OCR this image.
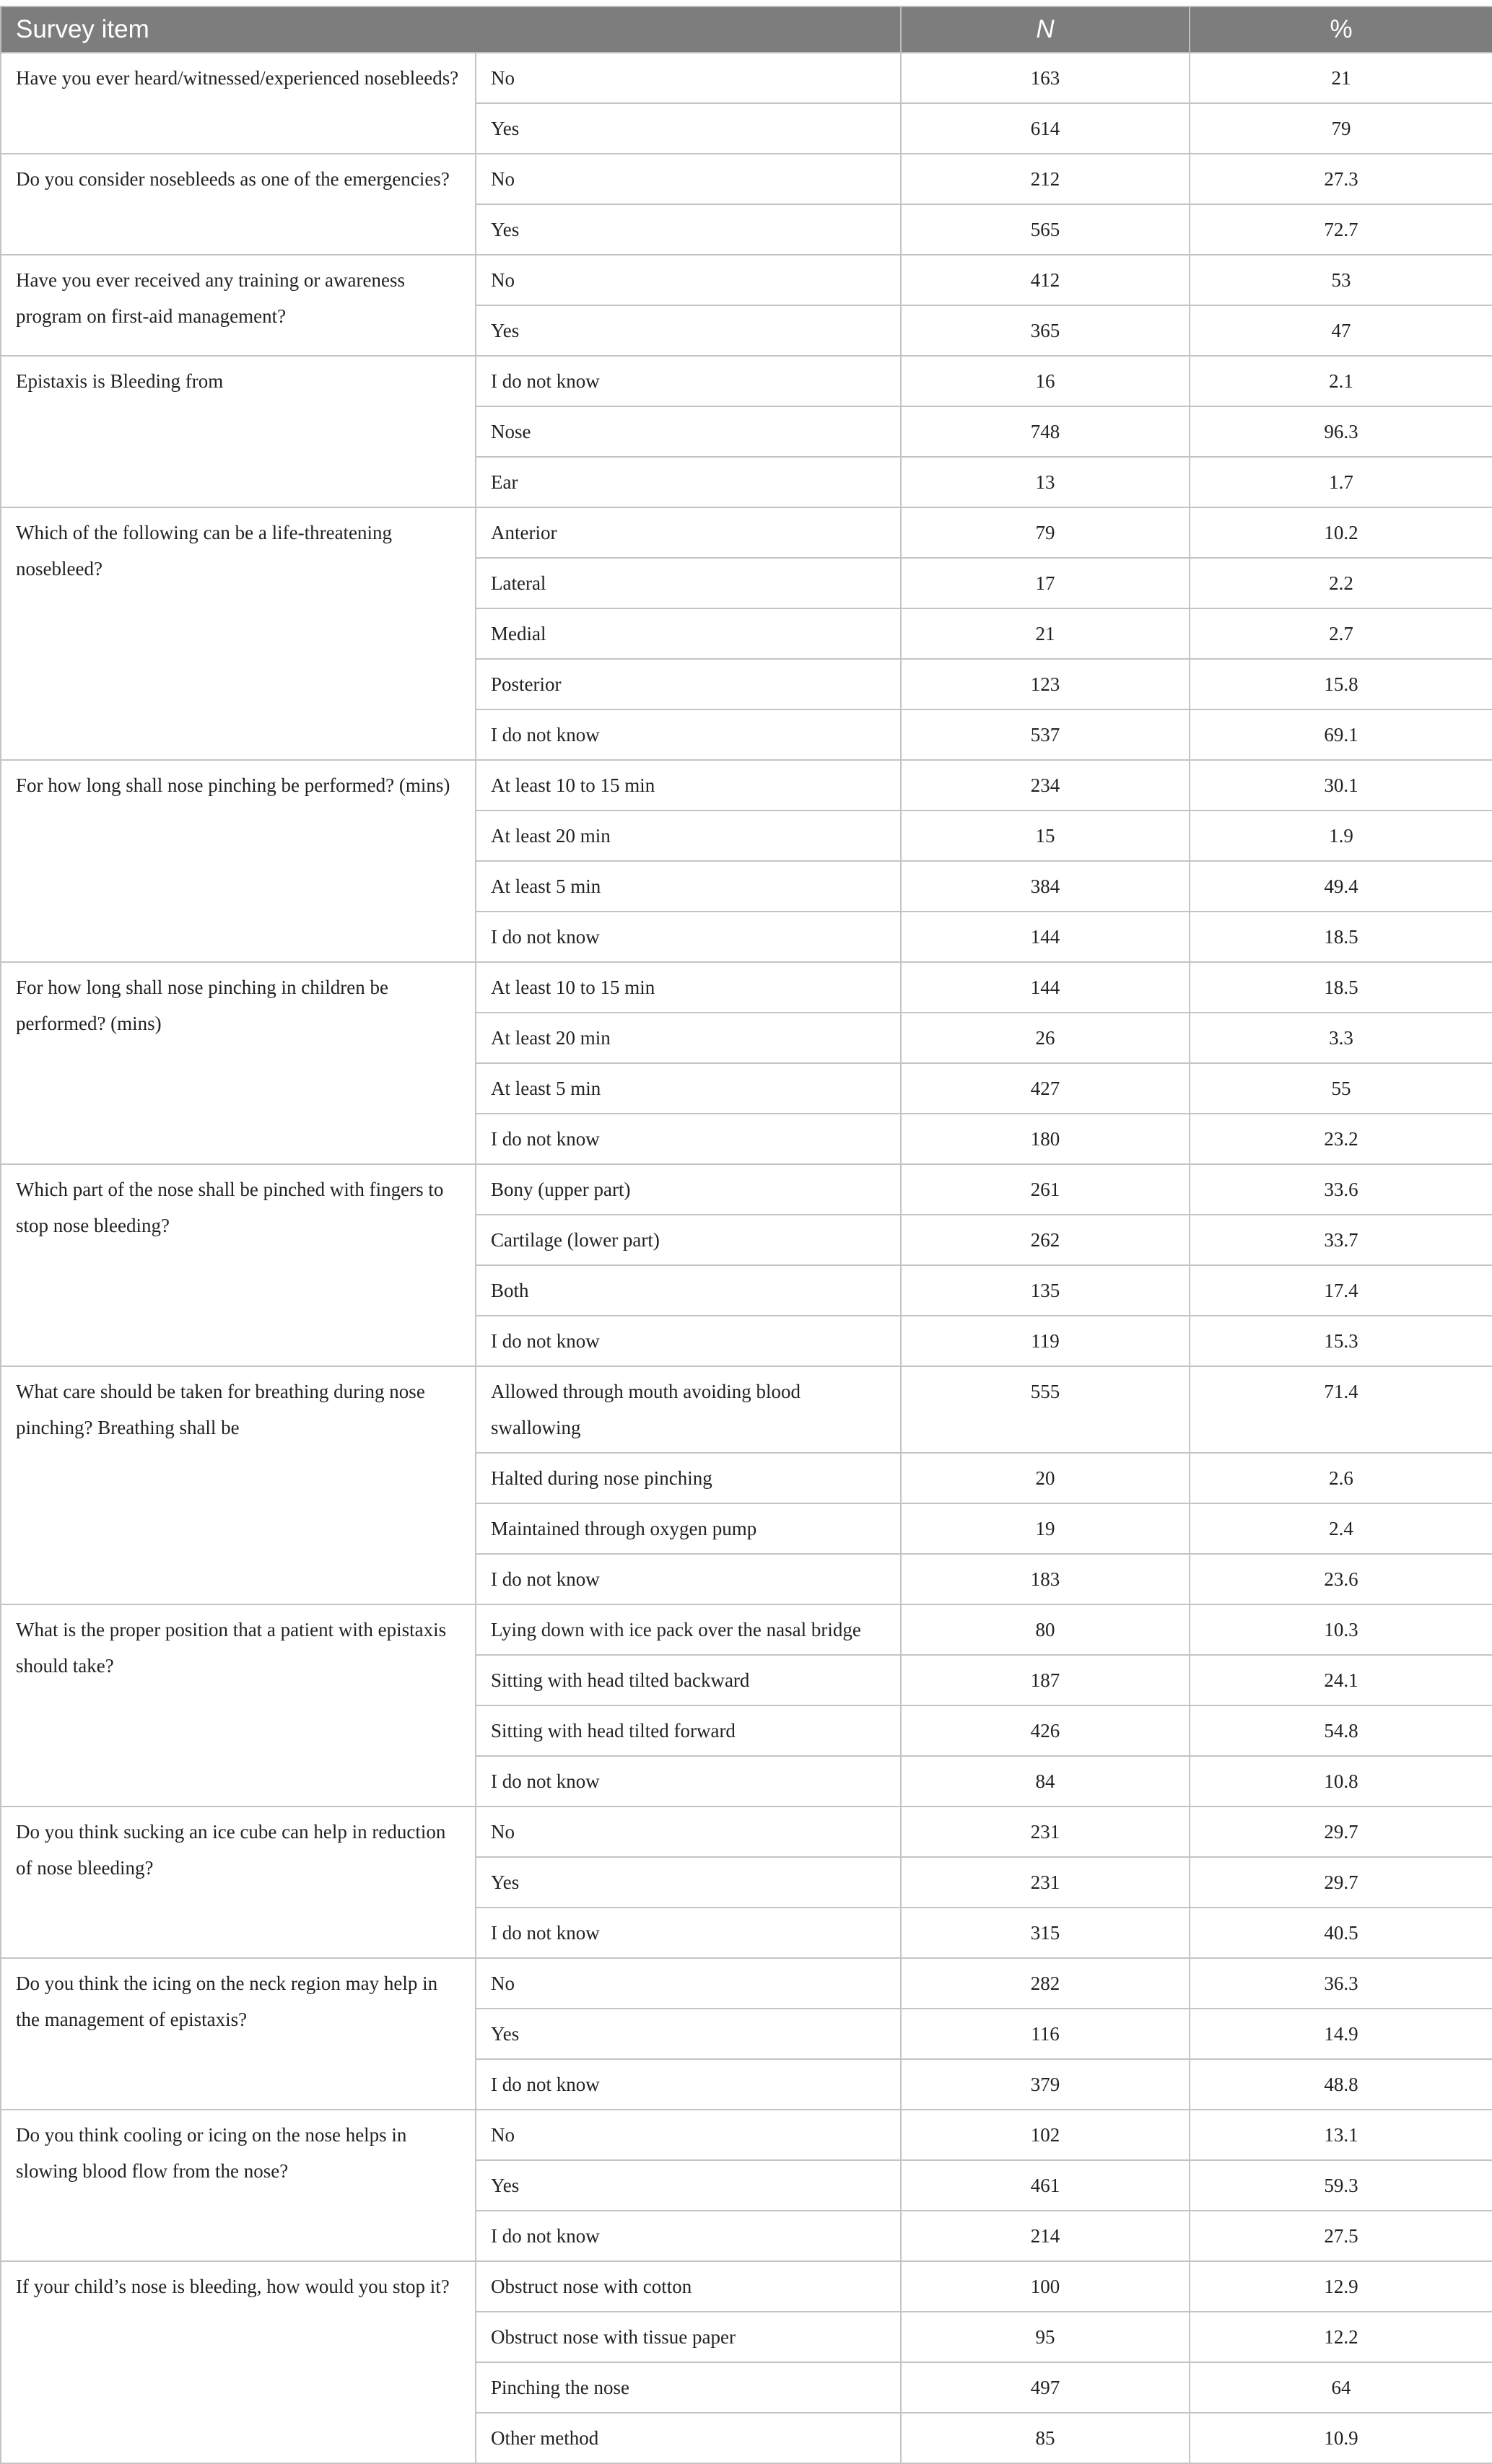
Survey item		N	%
Have you ever heard/witnessed/experienced nosebleeds?	No	163	21
	Yes	614	79
Do you consider nosebleeds as one of the emergencies?	No	212	27.3
	Yes	565	72.7
Have you ever received any training or awareness program on first-aid management?	No	412	53
	Yes	365	47
Epistaxis is Bleeding from	I do not know	16	2.1
	Nose	748	96.3
	Ear	13	1.7
Which of the following can be a life-threatening nosebleed?	Anterior	79	10.2
	Lateral	17	2.2
	Medial	21	2.7
	Posterior	123	15.8
	I do not know	537	69.1
For how long shall nose pinching be performed? (mins)	At least 10 to 15 min	234	30.1
	At least 20 min	15	1.9
	At least 5 min	384	49.4
	I do not know	144	18.5
For how long shall nose pinching in children be performed? (mins)	At least 10 to 15 min	144	18.5
	At least 20 min	26	3.3
	At least 5 min	427	55
	I do not know	180	23.2
Which part of the nose shall be pinched with fingers to stop nose bleeding?	Bony (upper part)	261	33.6
	Cartilage (lower part)	262	33.7
	Both	135	17.4
	I do not know	119	15.3
What care should be taken for breathing during nose pinching? Breathing shall be	Allowed through mouth avoiding blood swallowing	555	71.4
	Halted during nose pinching	20	2.6
	Maintained through oxygen pump	19	2.4
	I do not know	183	23.6
What is the proper position that a patient with epistaxis should take?	Lying down with ice pack over the nasal bridge	80	10.3
	Sitting with head tilted backward	187	24.1
	Sitting with head tilted forward	426	54.8
	I do not know	84	10.8
Do you think sucking an ice cube can help in reduction of nose bleeding?	No	231	29.7
	Yes	231	29.7
	I do not know	315	40.5
Do you think the icing on the neck region may help in the management of epistaxis?	No	282	36.3
	Yes	116	14.9
	I do not know	379	48.8
Do you think cooling or icing on the nose helps in slowing blood flow from the nose?	No	102	13.1
	Yes	461	59.3
	I do not know	214	27.5
If your child’s nose is bleeding, how would you stop it?	Obstruct nose with cotton	100	12.9
	Obstruct nose with tissue paper	95	12.2
	Pinching the nose	497	64
	Other method	85	10.9
